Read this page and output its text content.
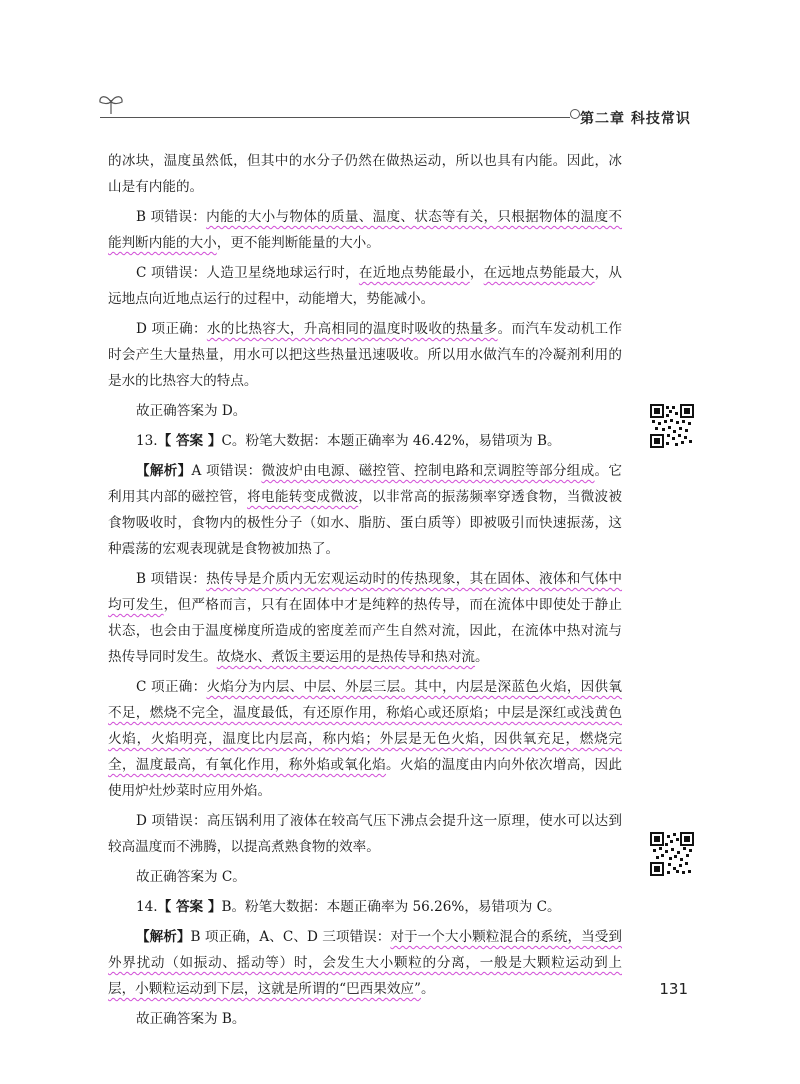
第二章 科技常识

的冰块，温度虽然低，但其中的水分子仍然在做热运动，所以也具有内能。因此，冰山是有内能的。

B 项错误：内能的大小与物体的质量、温度、状态等有关，只根据物体的温度不能判断内能的大小，更不能判断能量的大小。

C 项错误：人造卫星绕地球运行时，在近地点势能最小，在远地点势能最大，从远地点向近地点运行的过程中，动能增大，势能减小。

D 项正确：水的比热容大，升高相同的温度时吸收的热量多。而汽车发动机工作时会产生大量热量，用水可以把这些热量迅速吸收。所以用水做汽车的冷凝剂利用的是水的比热容大的特点。

故正确答案为 D。

13.【 答案 】C。粉笔大数据：本题正确率为 46.42%，易错项为 B。

【解析】A 项错误：微波炉由电源、磁控管、控制电路和烹调腔等部分组成。它利用其内部的磁控管，将电能转变成微波，以非常高的振荡频率穿透食物，当微波被食物吸收时，食物内的极性分子（如水、脂肪、蛋白质等）即被吸引而快速振荡，这种震荡的宏观表现就是食物被加热了。

B 项错误：热传导是介质内无宏观运动时的传热现象，其在固体、液体和气体中均可发生，但严格而言，只有在固体中才是纯粹的热传导，而在流体中即使处于静止状态，也会由于温度梯度所造成的密度差而产生自然对流，因此，在流体中热对流与热传导同时发生。故烧水、煮饭主要运用的是热传导和热对流。

C 项正确：火焰分为内层、中层、外层三层。其中，内层是深蓝色火焰，因供氧不足，燃烧不完全，温度最低，有还原作用，称焰心或还原焰；中层是深红或浅黄色火焰，火焰明亮，温度比内层高，称内焰；外层是无色火焰，因供氧充足，燃烧完全，温度最高，有氧化作用，称外焰或氧化焰。火焰的温度由内向外依次增高，因此使用炉灶炒菜时应用外焰。

D 项错误：高压锅利用了液体在较高气压下沸点会提升这一原理，使水可以达到较高温度而不沸腾，以提高煮熟食物的效率。

故正确答案为 C。

14.【 答案 】B。粉笔大数据：本题正确率为 56.26%，易错项为 C。

【解析】B 项正确，A、C、D 三项错误：对于一个大小颗粒混合的系统，当受到外界扰动（如振动、摇动等）时，会发生大小颗粒的分离，一般是大颗粒运动到上层，小颗粒运动到下层，这就是所谓的“巴西果效应”。

故正确答案为 B。

131
